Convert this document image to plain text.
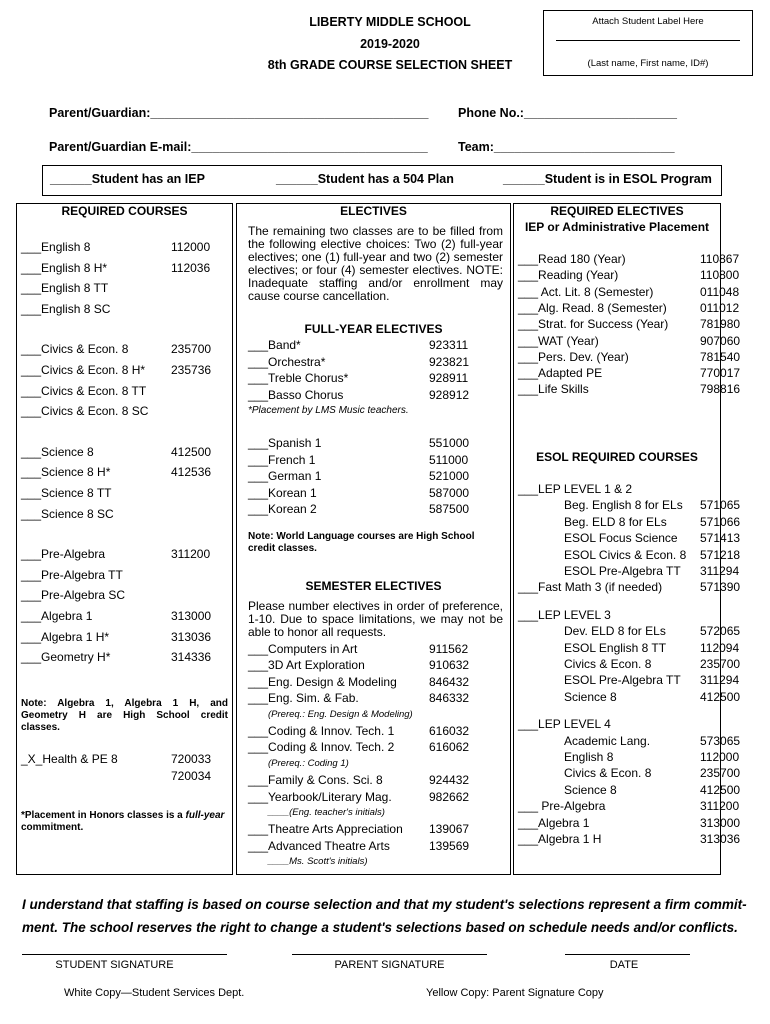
LIBERTY MIDDLE SCHOOL
2019-2020
8th GRADE COURSE SELECTION SHEET
Attach Student Label Here
(Last name, First name, ID#)
Parent/Guardian:________________________________________ Phone No.:______________________
Parent/Guardian E-mail:__________________________________ Team:__________________________
______Student has an IEP	______Student has a 504 Plan	______Student is in ESOL Program
REQUIRED COURSES
___English 8	112000
___English 8 H*	112036
___English 8 TT
___English 8 SC
___Civics & Econ. 8	235700
___Civics & Econ. 8 H* 235736
___Civics & Econ. 8 TT
___Civics & Econ. 8 SC
___Science 8	412500
___Science 8 H*	412536
___Science 8 TT
___Science 8 SC
___Pre-Algebra	311200
___Pre-Algebra TT
___Pre-Algebra SC
___Algebra 1	313000
___Algebra 1 H*	313036
___Geometry H*	314336
Note: Algebra 1, Algebra 1 H, and Geometry H are High School credit classes.
_X_Health & PE 8	720033
720034
*Placement in Honors classes is a full-year commitment.
ELECTIVES
The remaining two classes are to be filled from the following elective choices: Two (2) full-year electives; one (1) full-year and two (2) semester electives; or four (4) semester electives. NOTE: Inadequate staffing and/or enrollment may cause course cancellation.
FULL-YEAR ELECTIVES
___Band*	923311
___Orchestra*	923821
___Treble Chorus*	928911
___Basso Chorus	928912
*Placement by LMS Music teachers.
___Spanish 1	551000
___French 1	511000
___German 1	521000
___Korean 1	587000
___Korean 2	587500
Note: World Language courses are High School credit classes.
SEMESTER ELECTIVES
Please number electives in order of preference, 1-10. Due to space limitations, we may not be able to honor all requests.
___Computers in Art	911562
___3D Art Exploration	910632
___Eng. Design & Modeling	846432
___Eng. Sim. & Fab.	846332
(Prereq.: Eng. Design & Modeling)
___Coding & Innov. Tech. 1	616032
___Coding & Innov. Tech. 2	616062
(Prereq.: Coding 1)
___Family & Cons. Sci. 8	924432
___Yearbook/Literary Mag.	982662
____(Eng. teacher's initials)
___Theatre Arts Appreciation 139067
___Advanced Theatre Arts	139569
____Ms. Scott's initials)
REQUIRED ELECTIVES
IEP or Administrative Placement
___Read 180 (Year)	110867
___Reading (Year)	110800
___ Act. Lit. 8 (Semester)	011048
___Alg. Read. 8 (Semester)	011012
___Strat. for Success (Year)	781980
___WAT (Year)	907060
___Pers. Dev. (Year)	781540
___Adapted PE	770017
___Life Skills	798816
ESOL REQUIRED COURSES
___LEP LEVEL 1 & 2
Beg. English 8 for ELs 571065
Beg. ELD 8 for ELs	571066
ESOL Focus Science 571413
ESOL Civics & Econ. 8 571218
ESOL Pre-Algebra TT 311294
___Fast Math 3 (if needed)	571390
___LEP LEVEL 3
Dev. ELD 8 for ELs	572065
ESOL English 8 TT	112094
Civics & Econ. 8	235700
ESOL Pre-Algebra TT 311294
Science 8	412500
___LEP LEVEL 4
Academic Lang.	573065
English 8	112000
Civics & Econ. 8	235700
Science 8	412500
___ Pre-Algebra	311200
___Algebra 1	313000
___Algebra 1 H	313036
I understand that staffing is based on course selection and that my student's selections represent a firm commit-
ment. The school reserves the right to change a student's selections based on schedule needs and/or conflicts.
STUDENT SIGNATURE	PARENT SIGNATURE	DATE
White Copy—Student Services Dept.	Yellow Copy: Parent Signature Copy
